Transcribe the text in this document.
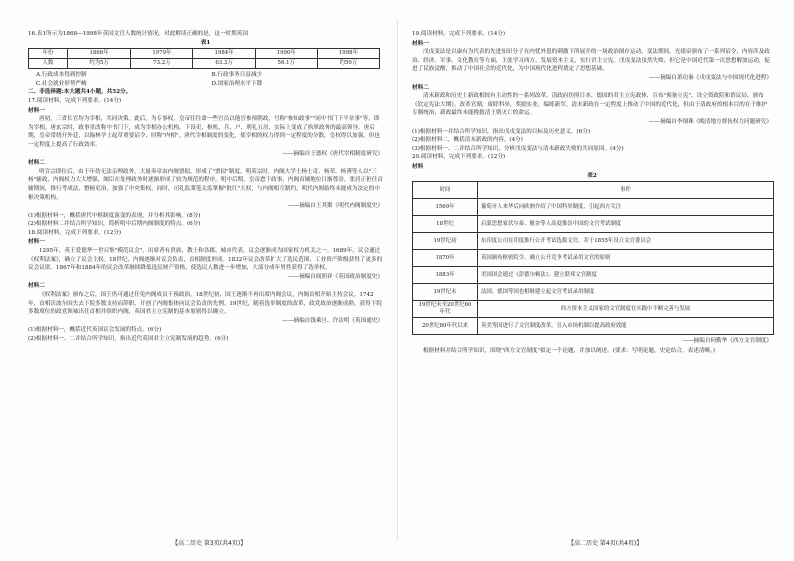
16.表1所示为1868—1998年英国文官人数统计情况。对此解读正确的是，这一时期英国

表1

年份	1868年	1979年	1984年	1990年	1998年
人数	约为5万	73.2万	63.3万	56.1万	约50万
A.行政成本得到控制	B.行政事务日益减少
C.社会就业形势严峻	D.国家治理水平下降

二、非选择题:本大题共4小题，共52分。

17.阅读材料，完成下列要求。(14分)

材料一

唐初，三省长官均为宰相，共同决策。此后，为专事权，皇帝往往命一些官员以他官参预朝政，号称"参知政事""同中书门下平章事"等，即为宰相。唐玄宗时，政事堂改称中书门下，成为宰相办公机构，下设吏、枢机、兵、户、刑礼五房，实际上变成了执掌政务的最高领导。唐后期，皇帝常绕开外廷，以翰林学士起草重要诏令，时称"内相"。唐代宰相制度的变化，使宰相的权力得到一定程度的分散，皇权得以加强，但也一定程度上提高了行政效率。

——摘编自王德权《唐代宰相制度研究》

材料二

明宣宗即位后，由于年幼无法亲理政务，大量奏章由内阁票拟，形成了"票拟"制度。明英宗时，内阁大学士杨士奇、杨荣、杨溥等人以"三杨"辅政，内阁权力大大增强，阁臣在处理政务时逐渐形成了较为规范的程序。明中后期，皇帝怠于政事，内阁首辅地位日渐尊崇，张居正担任首辅期间，推行考成法，整顿吏治，加强了中央集权。同时，司礼监秉笔太监掌握"批红"大权，与内阁相互制约，明代内阁始终未能成为法定的中枢决策机构。

——摘编自王其榘《明代内阁制度史》

(1)根据材料一，概括唐代中枢制度演变的表现，并分析其影响。(8分)

(2)根据材料二并结合所学知识，简析明中后期内阁制度的特点。(6分)

18.阅读材料，完成下列要求。(12分)

材料一

1295年，英王爱德华一世召集"模范议会"，出席者有贵族、教士和各郡、城市代表，议会逐渐成为国家权力机关之一。1689年，议会通过《权利法案》，确立了议会主权。18世纪，内阁逐渐对议会负责，首相制度形成。1832年议会改革扩大了选民范围，工业资产阶级获得了更多的议会议席。1867年和1884年的议会改革继续降低选民财产资格，使选民人数进一步增加，大部分成年男性获得了选举权。

——摘编自阎照祥《英国政治制度史》

材料二

《权利法案》颁布之后，国王仍可通过任免内阁成员干预政治。18世纪初，国王逐渐不再出席内阁会议，内阁首相开始主持会议。1742年，首相沃波尔因失去下院多数支持而辞职，开创了内阁集体向议会负责的先例。19世纪，随着选举制度的改革，政党政治逐渐成熟，获得下院多数席位的政党领袖出任首相并组织内阁，英国君主立宪制的基本原则得以确立。

——摘编自钱乘旦、许洁明《英国通史》

(1)根据材料一，概括近代英国议会发展的特点。(6分)

(2)根据材料一、二并结合所学知识，指出近代英国君主立宪制发展的趋势。(6分)

19.阅读材料，完成下列要求。(14分)

材料一

戊戌变法是以康有为代表的先进知识分子在内忧外患的刺激下所展开的一场政治图存运动。变法期间，光绪帝颁布了一系列诏令，内容涉及政治、经济、军事、文化教育等方面，主张学习西方，发展资本主义，实行君主立宪。戊戌变法虽然失败，但它是中国近代第一次思想解放运动，促进了民族觉醒，推动了中国社会的近代化，为中国现代化进程奠定了思想基础。

——摘编自萧功秦《戊戌变法与中国现代化进程》

材料二

清末新政和历史上新政相较有主动性的一系列改革。清政府仿照日本、德国的君主立宪政体，宣布"预备立宪"，设立资政院和谘议局，颁布《钦定宪法大纲》，改革官制，废除科举，奖励实业，编练新军。清末新政在一定程度上推动了中国的近代化，但由于清政府的根本目的在于维护专制统治，新政最终未能挽救清王朝灭亡的命运。

——摘编自李细珠《晚清地方督抚权力问题研究》

(1)根据材料一并结合所学知识，指出戊戌变法的目标及历史意义。(6分)

(2)根据材料二，概括清末新政的内容。(4分)

(3)根据材料一、二并结合所学知识，分析戊戌变法与清末新政失败的共同原因。(4分)

20.阅读材料，完成下列要求。(12分)

材料

表2

时间	事件
1569年	葡萄牙人来华后向欧洲介绍了中国科举制度，引起西方关注
18世纪	启蒙思想家伏尔泰、魁奈等人高度推崇中国的文官考试制度
19世纪初	东印度公司在印度推行公开考试选拔文官，并于1855年设立文官委员会
1870年	英国颁布枢密院令，确立公开竞争考试录用文官的原则
1883年	美国国会通过《彭德尔顿法》，建立联邦文官制度
19世纪末	法国、德国等国也相继建立起文官考试录用制度
19世纪末至20世纪60年代	西方资本主义国家的文官制度在实践中不断完善与发展
20世纪80年代以来	英美等国进行了文官制度改革，引入市场机制以提高政府效能

——摘编自何勤华《西方文官制度》

根据材料并结合所学知识，围绕"西方文官制度"拟定一个论题，并加以阐述。(要求：写明论题，史论结合，表述清晰。)

【高二历史 第3页(共4页)】	【高二历史 第4页(共4页)】
